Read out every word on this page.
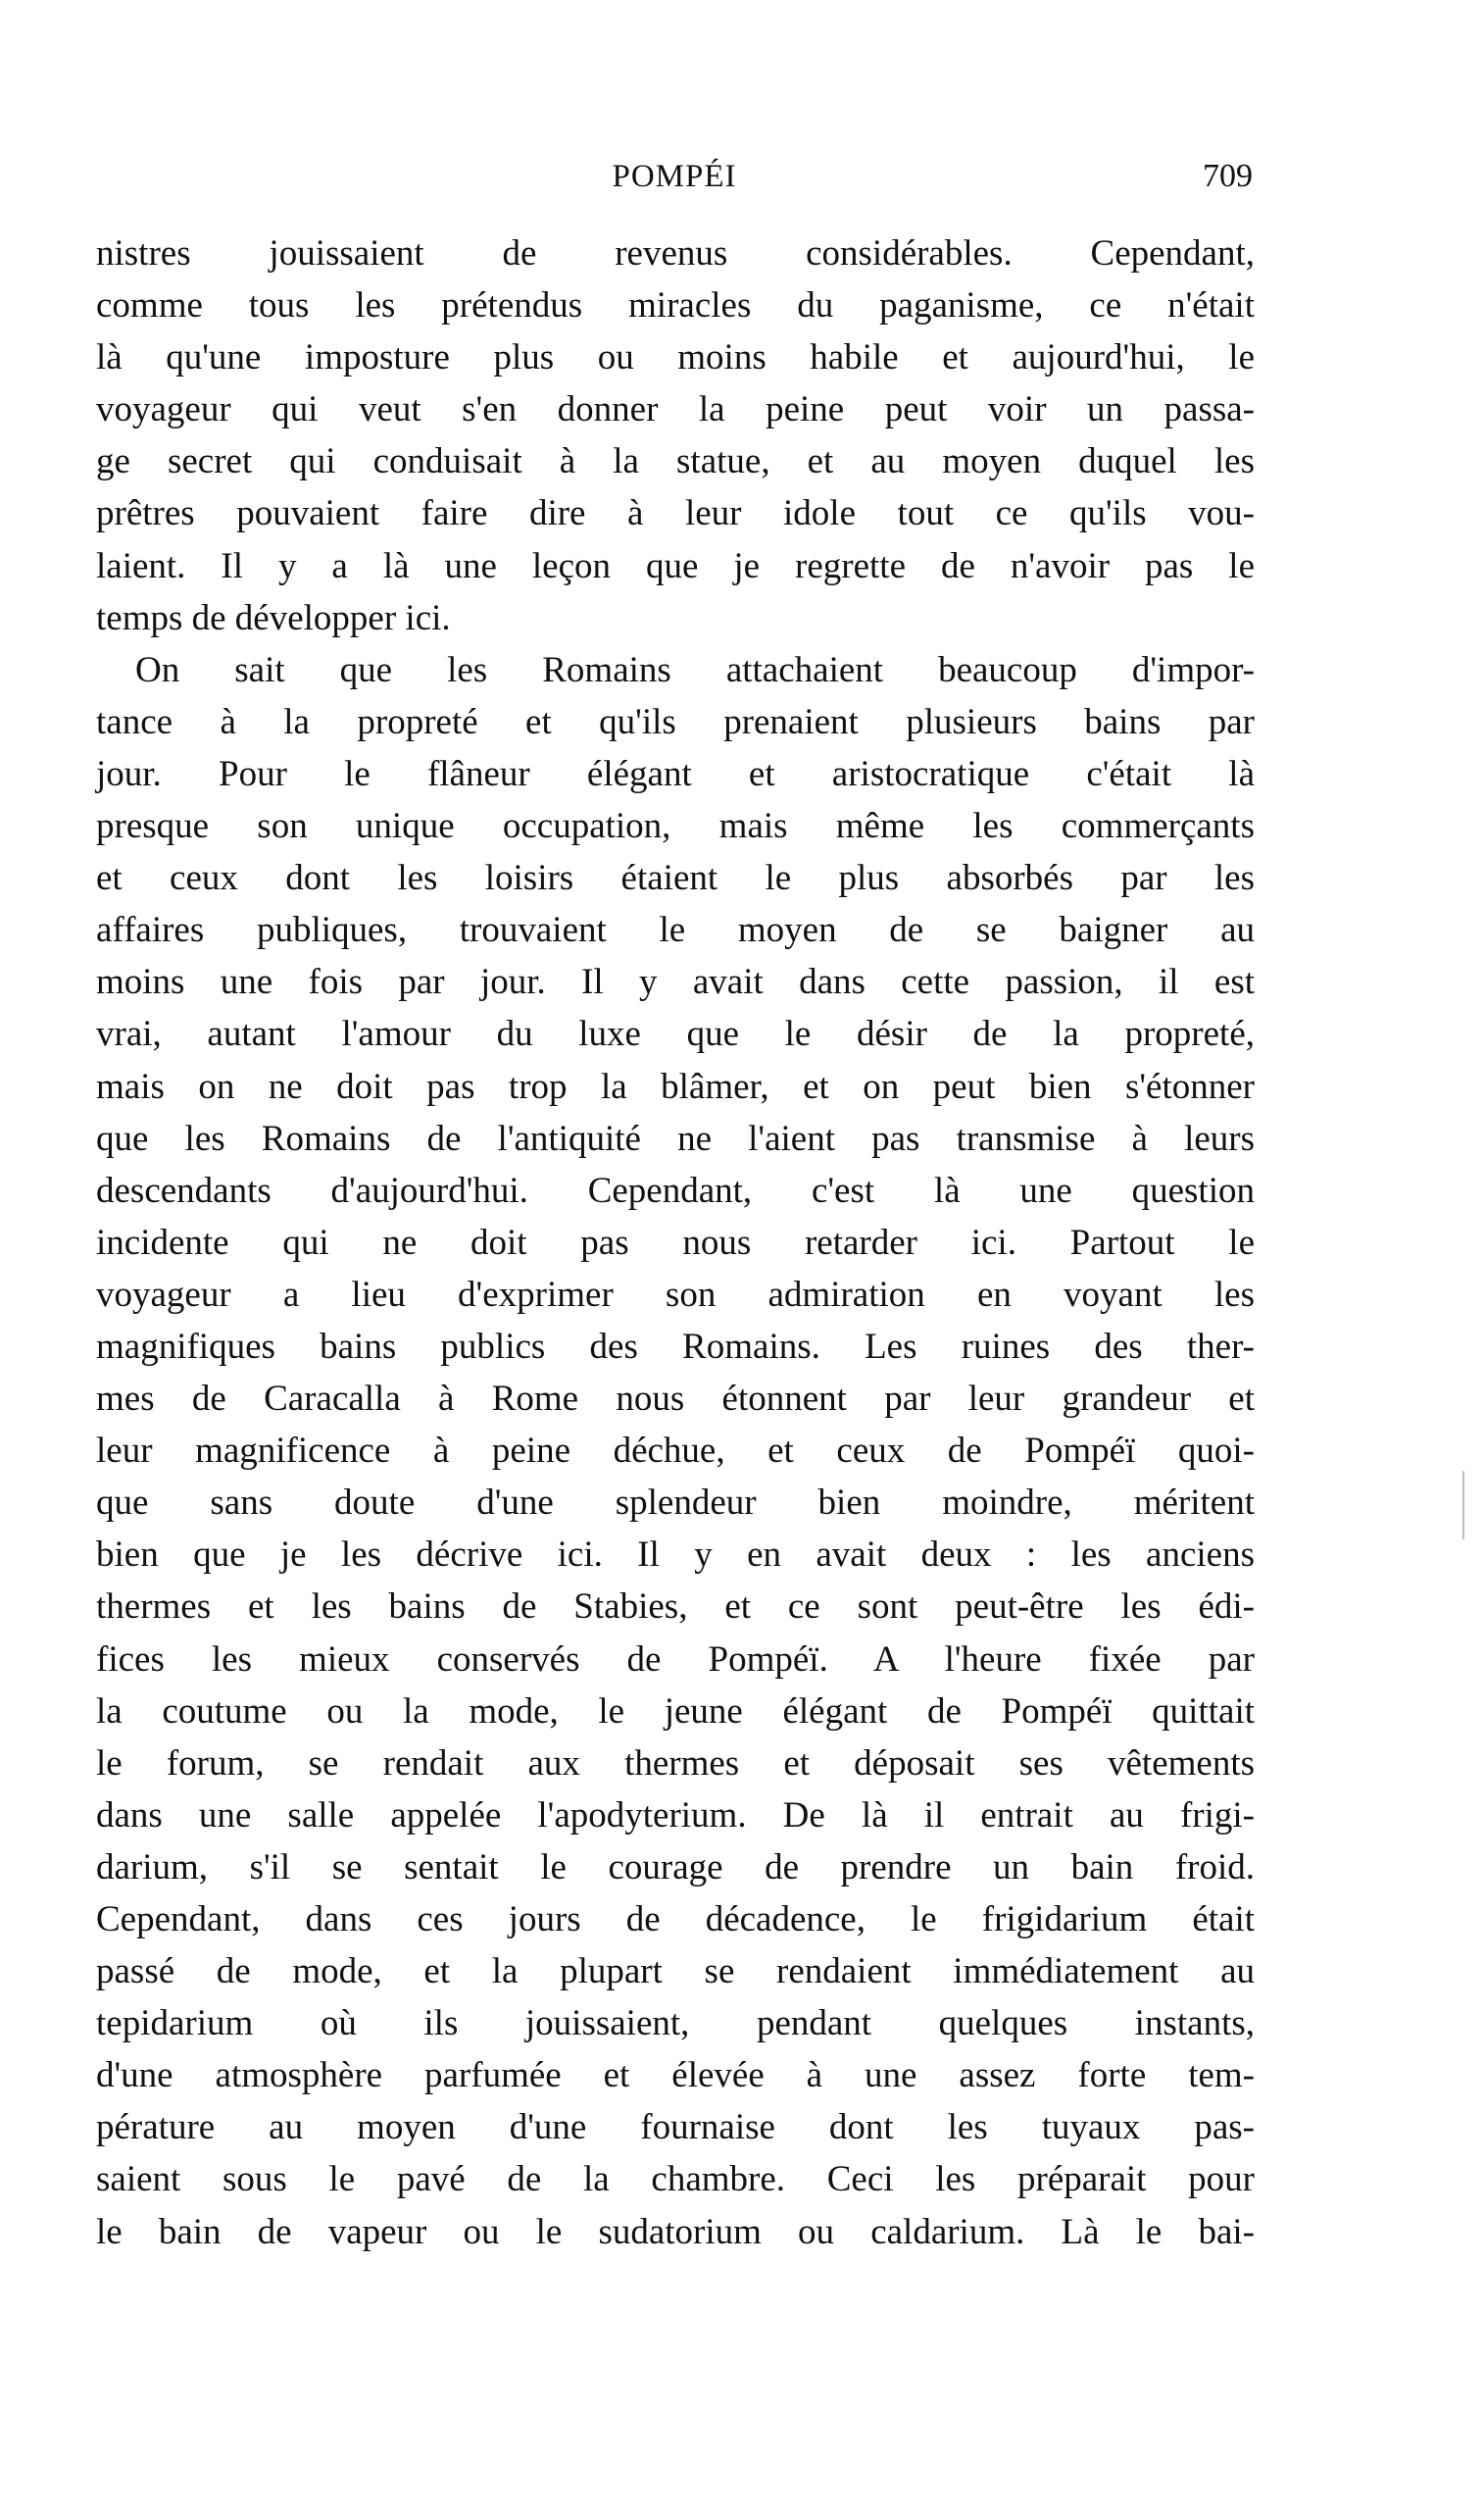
POMPÉI	709
nistres jouissaient de revenus considérables. Cependant,
comme tous les prétendus miracles du paganisme, ce n'était
là qu'une imposture plus ou moins habile et aujourd'hui, le
voyageur qui veut s'en donner la peine peut voir un passa-
ge secret qui conduisait à la statue, et au moyen duquel les
prêtres pouvaient faire dire à leur idole tout ce qu'ils vou-
laient. Il y a là une leçon que je regrette de n'avoir pas le
temps de développer ici.
On sait que les Romains attachaient beaucoup d'impor-
tance à la propreté et qu'ils prenaient plusieurs bains par
jour. Pour le flâneur élégant et aristocratique c'était là
presque son unique occupation, mais même les commerçants
et ceux dont les loisirs étaient le plus absorbés par les
affaires publiques, trouvaient le moyen de se baigner au
moins une fois par jour. Il y avait dans cette passion, il est
vrai, autant l'amour du luxe que le désir de la propreté,
mais on ne doit pas trop la blâmer, et on peut bien s'étonner
que les Romains de l'antiquité ne l'aient pas transmise à leurs
descendants d'aujourd'hui. Cependant, c'est là une question
incidente qui ne doit pas nous retarder ici. Partout le
voyageur a lieu d'exprimer son admiration en voyant les
magnifiques bains publics des Romains. Les ruines des ther-
mes de Caracalla à Rome nous étonnent par leur grandeur et
leur magnificence à peine déchue, et ceux de Pompéï quoi-
que sans doute d'une splendeur bien moindre, méritent
bien que je les décrive ici. Il y en avait deux : les anciens
thermes et les bains de Stabies, et ce sont peut-être les édi-
fices les mieux conservés de Pompéï. A l'heure fixée par
la coutume ou la mode, le jeune élégant de Pompéï quittait
le forum, se rendait aux thermes et déposait ses vêtements
dans une salle appelée l'apodyterium. De là il entrait au frigi-
darium, s'il se sentait le courage de prendre un bain froid.
Cependant, dans ces jours de décadence, le frigidarium était
passé de mode, et la plupart se rendaient immédiatement au
tepidarium où ils jouissaient, pendant quelques instants,
d'une atmosphère parfumée et élevée à une assez forte tem-
pérature au moyen d'une fournaise dont les tuyaux pas-
saient sous le pavé de la chambre. Ceci les préparait pour
le bain de vapeur ou le sudatorium ou caldarium. Là le bai-
